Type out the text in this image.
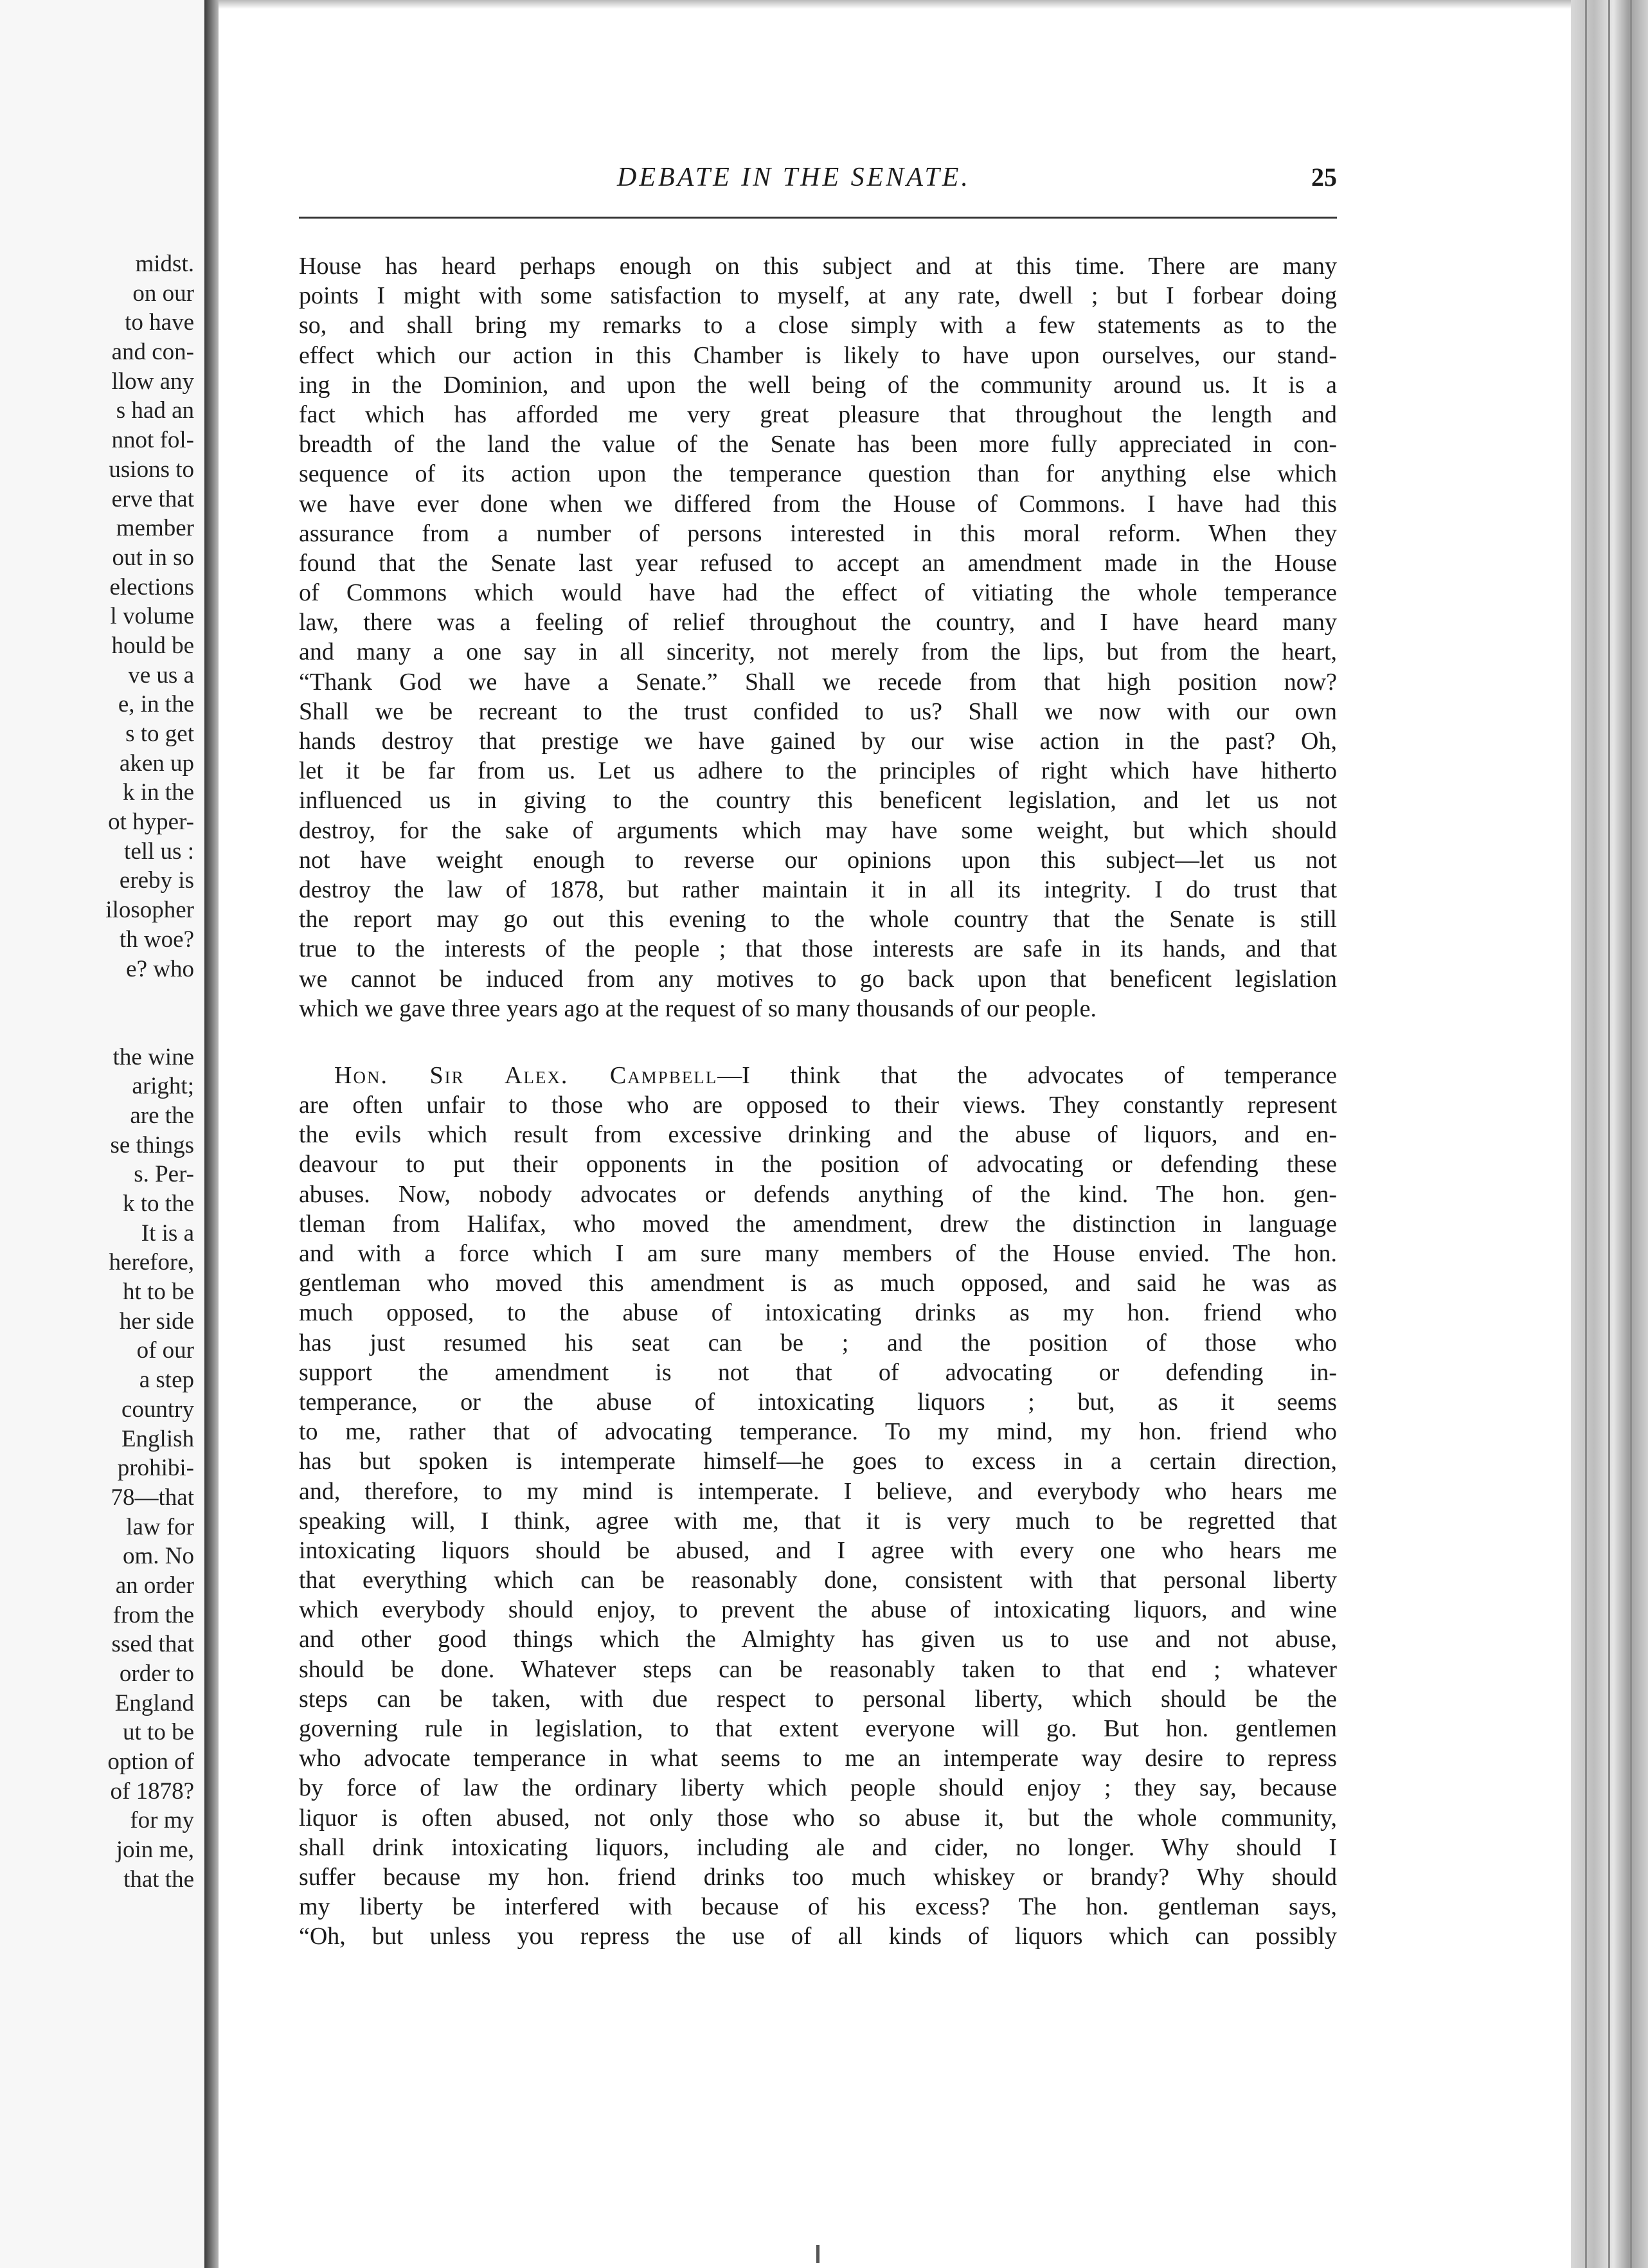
midst.
on our
to have
and con-
llow any
s had an
nnot fol-
usions to
erve that
member
out in so
elections
l volume
hould be
ve us a
e, in the
s to get
aken up
k in the
ot hyper-
tell us :
ereby is
ilosopher
th woe?
e? who
the wine
aright;
are the
se things
s. Per-
k to the
It is a
herefore,
ht to be
her side
of our
a step
country
English
prohibi-
78—that
law for
om. No
an order
from the
ssed that
order to
England
ut to be
option of
of 1878?
for my
join me,
that the
DEBATE IN THE SENATE.	25

House has heard perhaps enough on this subject and at this time. There are many

points I might with some satisfaction to myself, at any rate, dwell ; but I forbear doing

so, and shall bring my remarks to a close simply with a few statements as to the

effect which our action in this Chamber is likely to have upon ourselves, our stand-

ing in the Dominion, and upon the well being of the community around us. It is a

fact which has afforded me very great pleasure that throughout the length and

breadth of the land the value of the Senate has been more fully appreciated in con-

sequence of its action upon the temperance question than for anything else which

we have ever done when we differed from the House of Commons. I have had this

assurance from a number of persons interested in this moral reform. When they

found that the Senate last year refused to accept an amendment made in the House

of Commons which would have had the effect of vitiating the whole temperance

law, there was a feeling of relief throughout the country, and I have heard many

and many a one say in all sincerity, not merely from the lips, but from the heart,

“Thank God we have a Senate.” Shall we recede from that high position now?

Shall we be recreant to the trust confided to us? Shall we now with our own

hands destroy that prestige we have gained by our wise action in the past? Oh,

let it be far from us. Let us adhere to the principles of right which have hitherto

influenced us in giving to the country this beneficent legislation, and let us not

destroy, for the sake of arguments which may have some weight, but which should

not have weight enough to reverse our opinions upon this subject—let us not

destroy the law of 1878, but rather maintain it in all its integrity. I do trust that

the report may go out this evening to the whole country that the Senate is still

true to the interests of the people ; that those interests are safe in its hands, and that

we cannot be induced from any motives to go back upon that beneficent legislation

which we gave three years ago at the request of so many thousands of our people.

Hon. Sir Alex. Campbell—I think that the advocates of temperance

are often unfair to those who are opposed to their views. They constantly represent

the evils which result from excessive drinking and the abuse of liquors, and en-

deavour to put their opponents in the position of advocating or defending these

abuses. Now, nobody advocates or defends anything of the kind. The hon. gen-

tleman from Halifax, who moved the amendment, drew the distinction in language

and with a force which I am sure many members of the House envied. The hon.

gentleman who moved this amendment is as much opposed, and said he was as

much opposed, to the abuse of intoxicating drinks as my hon. friend who

has just resumed his seat can be ; and the position of those who

support the amendment is not that of advocating or defending in-

temperance, or the abuse of intoxicating liquors ; but, as it seems

to me, rather that of advocating temperance. To my mind, my hon. friend who

has but spoken is intemperate himself—he goes to excess in a certain direction,

and, therefore, to my mind is intemperate. I believe, and everybody who hears me

speaking will, I think, agree with me, that it is very much to be regretted that

intoxicating liquors should be abused, and I agree with every one who hears me

that everything which can be reasonably done, consistent with that personal liberty

which everybody should enjoy, to prevent the abuse of intoxicating liquors, and wine

and other good things which the Almighty has given us to use and not abuse,

should be done. Whatever steps can be reasonably taken to that end ; whatever

steps can be taken, with due respect to personal liberty, which should be the

governing rule in legislation, to that extent everyone will go. But hon. gentlemen

who advocate temperance in what seems to me an intemperate way desire to repress

by force of law the ordinary liberty which people should enjoy ; they say, because

liquor is often abused, not only those who so abuse it, but the whole community,

shall drink intoxicating liquors, including ale and cider, no longer. Why should I

suffer because my hon. friend drinks too much whiskey or brandy? Why should

my liberty be interfered with because of his excess? The hon. gentleman says,

“Oh, but unless you repress the use of all kinds of liquors which can possibly
